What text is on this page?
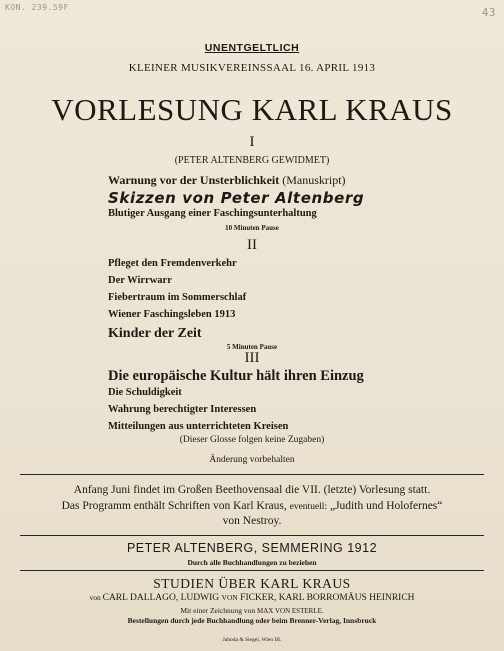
KON. 239.59F	43
UNENTGELTLICH
KLEINER MUSIKVEREINSSAAL 16. APRIL 1913
VORLESUNG KARL KRAUS
I
(PETER ALTENBERG GEWIDMET)
Warnung vor der Unsterblichkeit (Manuskript)
Skizzen von Peter Altenberg
Blutiger Ausgang einer Faschingsunterhaltung
10 Minuten Pause
II
Pfleget den Fremdenverkehr
Der Wirrwarr
Fiebertraum im Sommerschlaf
Wiener Faschingsleben 1913
Kinder der Zeit
5 Minuten Pause
III
Die europäische Kultur hält ihren Einzug
Die Schuldigkeit
Wahrung berechtigter Interessen
Mitteilungen aus unterrichteten Kreisen
(Dieser Glosse folgen keine Zugaben)
Änderung vorbehalten
Anfang Juni findet im Großen Beethovensaal die VII. (letzte) Vorlesung statt.
Das Programm enthält Schriften von Karl Kraus, eventuell: „Judith und Holofernes“
von Nestroy.
PETER ALTENBERG, SEMMERING 1912
Durch alle Buchhandlungen zu beziehen
STUDIEN ÜBER KARL KRAUS
von CARL DALLAGO, LUDWIG VON FICKER, KARL BORROMÄUS HEINRICH
Mit einer Zeichnung von MAX VON ESTERLE.
Bestellungen durch jede Buchhandlung oder beim Brenner-Verlag, Innsbruck
Jahoda & Siegel, Wien III.
